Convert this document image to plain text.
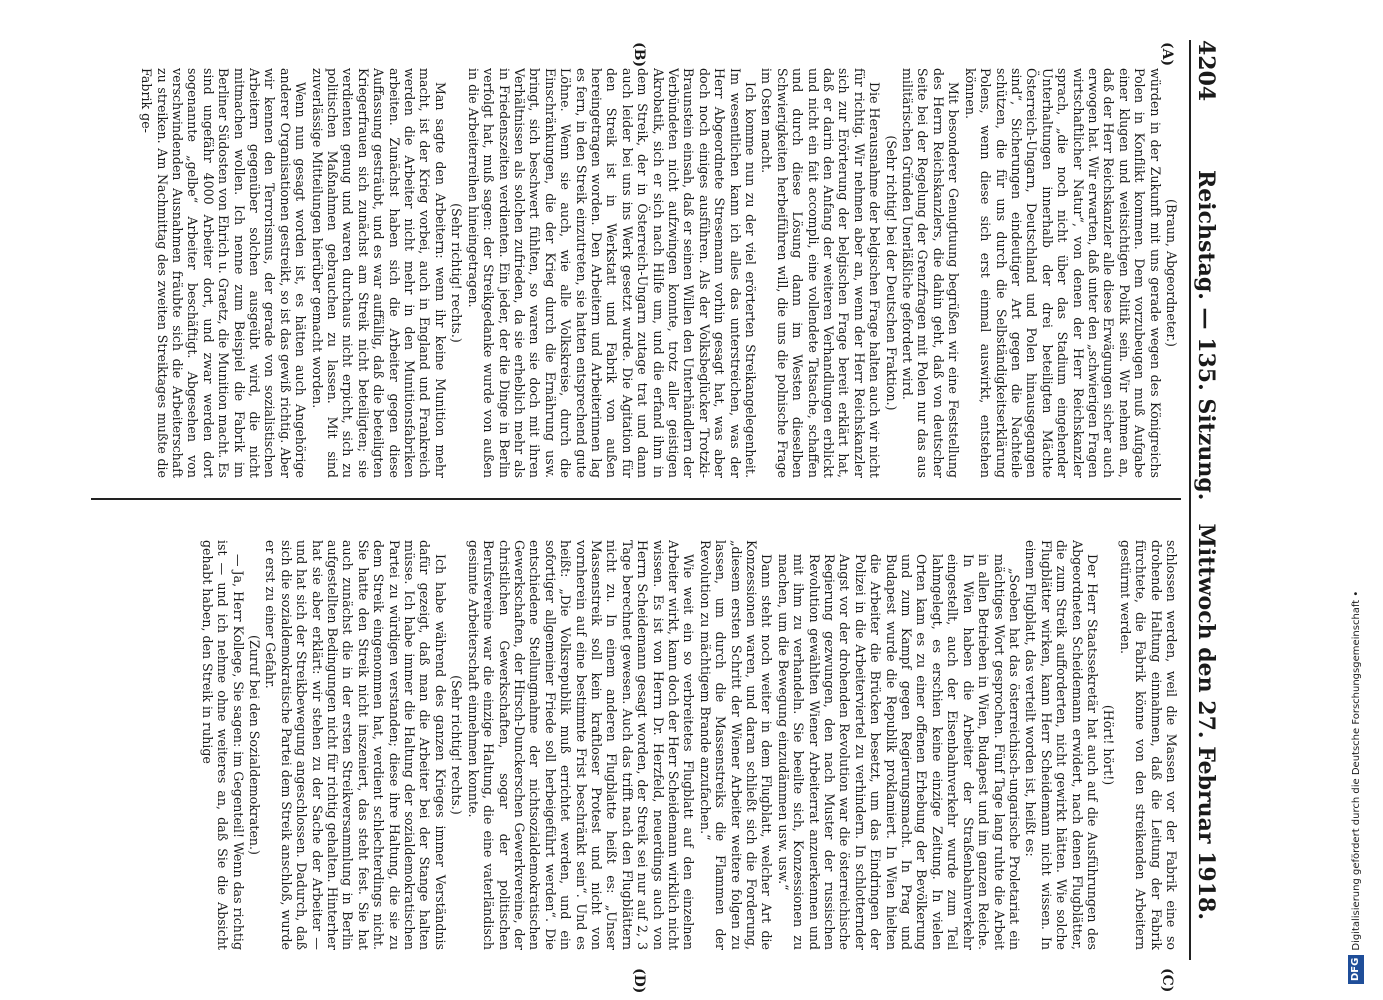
4204
Reichstag. — 135. Sitzung.
Mittwoch den 27. Februar 1918.
(A)
(B)
(C)
(D)

(Braun, Abgeordneter.)

würden in der Zukunft mit uns gerade wegen des Königreichs Polen in Konflikt kommen. Dem vorzubeugen muß Aufgabe einer klugen und weitsichtigen Politik sein. Wir nehmen an, daß der Herr Reichskanzler alle diese Erwägungen sicher auch erwogen hat. Wir erwarten, daß unter den „schwierigen Fragen wirtschaftlicher Natur“, von denen der Herr Reichskanzler sprach, „die noch nicht über das Stadium eingehender Unterhaltungen innerhalb der drei beteiligten Mächte Österreich-Ungarn, Deutschland und Polen hinausgegangen sind“, Sicherungen eindeutiger Art gegen die Nachteile schützen, die für uns durch die Selbständigkeitserklärung Polens, wenn diese sich erst einmal auswirkt, entstehen können.

Mit besonderer Genugtuung begrüßen wir eine Feststellung des Herrn Reichskanzlers, die dahin geht, daß von deutscher Seite bei der Regelung der Grenzfragen mit Polen nur das aus militärischen Gründen Unerläßliche gefordert wird.

(Sehr richtig! bei der Deutschen Fraktion.)

Die Herausnahme der belgischen Frage halten auch wir nicht für richtig. Wir nehmen aber an, wenn der Herr Reichskanzler sich zur Erörterung der belgischen Frage bereit erklärt hat, daß er darin den Anfang der weiteren Verhandlungen erblickt und nicht ein fait accompli, eine vollendete Tatsache, schaffen und durch diese Lösung dann im Westen dieselben Schwierigkeiten herbeiführen will, die uns die polnische Frage im Osten macht.

Ich komme nun zu der viel erörterten Streikangelegenheit. Im wesentlichen kann ich alles das unterstreichen, was der Herr Abgeordnete Stresemann vorhin gesagt hat, was aber doch noch einiges ausführen. Als der Volksbeglücker Trotzki-Braunstein einsah, daß er seinen Willen den Unterhändlern der Verbündeten nicht aufzwingen konnte, trotz aller geistigen Akrobatik, sich er sich nach Hilfe um, und die erfand ihm in dem Streik, der in Österreich-Ungarn zutage trat und dann auch leider bei uns ins Werk gesetzt wurde. Die Agitation für den Streik ist in Werkstatt und Fabrik von außen hereingetragen worden. Den Arbeitern und Arbeiterinnen lag es fern, in den Streik einzutreten, sie hatten entsprechend gute Löhne. Wenn sie auch, wie alle Volkskreise, durch die Einschränkungen, die der Krieg durch die Ernährung usw. bringt, sich beschwert fühlten, so waren sie doch mit ihren Verhältnissen als solchen zufrieden, da sie erheblich mehr als in Friedenszeiten verdienten. Ein jeder, der die Dinge in Berlin verfolgt hat, muß sagen: der Streikgedanke wurde von außen in die Arbeiterreihen hineingetragen.

(Sehr richtig! rechts.)

Man sagte den Arbeitern: wenn ihr keine Munition mehr macht, ist der Krieg vorbei, auch in England und Frankreich werden die Arbeiter nicht mehr in den Munitionsfabriken arbeiten. Zunächst haben sich die Arbeiter gegen diese Auffassung gesträubt, und es war auffällig, daß die beteiligten Kriegerfrauen sich zunächst am Streik nicht beteiligten; sie verdienten genug und waren durchaus nicht erpicht, sich zu politischen Maßnahmen gebrauchen zu lassen. Mit sind zuverlässige Mitteilungen hierüber gemacht worden.

Wenn nun gesagt worden ist, es hätten auch Angehörige anderer Organisationen gestreikt, so ist das gewiß richtig. Aber wir kennen den Terrorismus, der gerade von sozialistischen Arbeitern gegenüber solchen ausgeübt wird, die nicht mitmachen wollen. Ich nenne zum Beispiel die Fabrik im Berliner Südosten von Ehrich u. Graetz, die Munition macht. Es sind ungefähr 4000 Arbeiter dort, und zwar werden dort sogenannte „gelbe“ Arbeiter beschäftigt. Abgesehen von verschwindenden Ausnahmen fräubte sich die Arbeiterschaft zu streiken. Am Nachmittag des zweiten Streiktages mußte die Fabrik ge-

schlossen werden, weil die Massen vor der Fabrik eine so drohende Haltung einnahmen, daß die Leitung der Fabrik fürchtete, die Fabrik könne von den streikenden Arbeitern gestürmt werden.

(Hört! hört!)

Der Herr Staatssekretär hat auch auf die Ausführungen des Abgeordneten Scheidemann erwidert, nach denen Flugblätter, die zum Streik aufforderten, nicht gewirkt hätten. Wie solche Flugblätter wirken, kann Herr Scheidemann nicht wissen. In einem Flugblatt, das verteilt worden ist, heißt es:

„Soeben hat das österreichisch-ungarische Proletariat ein mächtiges Wort gesprochen. Fünf Tage lang ruhte die Arbeit in allen Betrieben in Wien, Budapest und im ganzen Reiche. In Wien haben die Arbeiter der Straßenbahnverkehr eingestellt, auch der Eisenbahnverkehr wurde zum Teil lahmgelegt, es erschien keine einzige Zeitung. In vielen Orten kam es zu einer offenen Erhebung der Bevölkerung und zum Kampf gegen Regierungsmacht. In Prag und Budapest wurde die Republik proklamiert. In Wien hielten die Arbeiter die Brücken besetzt, um das Eindringen der Polizei in die Arbeiterviertel zu verhindern. In schlotternder Angst vor der drohenden Revolution war die österreichische Regierung gezwungen, den nach Muster der russischen Revolution gewählten Wiener Arbeiterrat anzuerkennen und mit ihm zu verhandeln. Sie beeilte sich, Konzessionen zu machen, um die Bewegung einzudämmen usw. usw.“

Dann steht noch weiter in dem Flugblatt, welcher Art die Konzessionen waren, und daran schließt sich die Forderung, „diesem ersten Schritt der Wiener Arbeiter weitere folgen zu lassen, um durch die Massenstreiks die Flammen der Revolution zu mächtigem Brande anzufachen.“

Wie weit ein so verbreitetes Flugblatt auf den einzelnen Arbeiter wirkt, kann doch der Herr Scheidemann wirklich nicht wissen. Es ist von Herrn Dr. Herzfeld, neuerdings auch von Herrn Scheidemann gesagt worden, der Streik sei nur auf 2, 3 Tage berechnet gewesen. Auch das trifft nach den Flugblättern nicht zu. In einem anderen Flugblatte heißt es: „Unser Massenstreik soll kein kraftloser Protest und nicht von vornherein auf eine bestimmte Frist beschränkt sein“. Und es heißt: „Die Volksrepublik muß errichtet werden, und ein sofortiger allgemeiner Friede soll herbeigeführt werden“. Die entschiedene Stellungnahme der nichtsozialdemokratischen Gewerkschaften, der Hirsch-Dunckerschen Gewerkvereine, der christlichen Gewerkschaften, sogar der politischen Berufsvereine war die einzige Haltung, die eine vaterländisch gesinnte Arbeiterschaft einnehmen konnte.

(Sehr richtig! rechts.)

Ich habe während des ganzen Krieges immer Verständnis dafür gezeigt, daß man die Arbeiter bei der Stange halten müsse. Ich habe immer die Haltung der sozialdemokratischen Partei zu würdigen verstanden; diese ihre Haltung, die sie zu dem Streik eingenommen hat, verdient schlechterdings nicht. Sie hatte den Streik nicht inszeniert, das steht fest. Sie hat auch zunächst die in der ersten Streikversammlung in Berlin aufgestellten Bedingungen nicht für richtig gehalten. Hinterher hat sie aber erklärt: wir stehen zu der Sache der Arbeiter — und hat sich der Streikbewegung angeschlossen. Dadurch, daß sich die sozialdemokratische Partei dem Streik anschloß, wurde er erst zu einer Gefahr.

(Zuruf bei den Sozialdemokraten.)

— Ja, Herr Kollege, Sie sagen: im Gegenteil! Wenn das richtig ist — und ich nehme ohne weiteres an, daß Sie die Absicht gehabt haben, den Streik in ruhige

DFGDigitalisierung gefördert durch die Deutsche Forschungsgemeinschaft •
